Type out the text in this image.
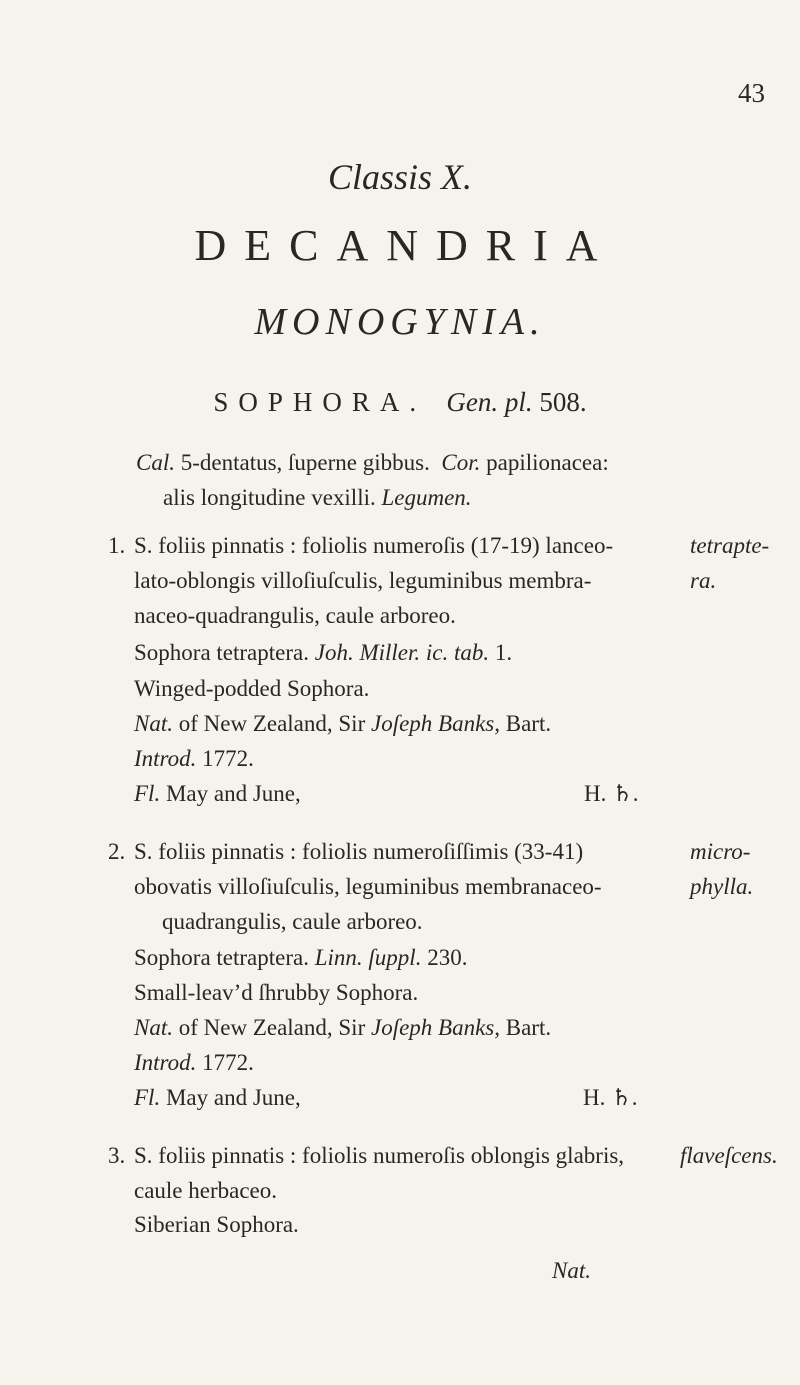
43
Classis X.
DECANDRIA
MONOGYNIA.
SOPHORA. Gen. pl. 508.
Cal. 5-dentatus, ſuperne gibbus. Cor. papilionacea:
alis longitudine vexilli. Legumen.
1. S. foliis pinnatis : foliolis numeroſis (17-19) lanceo-
lato-oblongis villoſiuſculis, leguminibus membra-
naceo-quadrangulis, caule arboreo.
Sophora tetraptera. Joh. Miller. ic. tab. 1.
Winged-podded Sophora.
Nat. of New Zealand, Sir Joſeph Banks, Bart.
Introd. 1772.
Fl. May and June,	H. ♄.
tetrapte-
ra.
2. S. foliis pinnatis : foliolis numeroſiſſimis (33-41)
obovatis villoſiuſculis, leguminibus membranaceo-
quadrangulis, caule arboreo.
Sophora tetraptera. Linn. ſuppl. 230.
Small-leav’d ſhrubby Sophora.
Nat. of New Zealand, Sir Joſeph Banks, Bart.
Introd. 1772.
Fl. May and June,	H. ♄.
micro-
phylla.
3. S. foliis pinnatis : foliolis numeroſis oblongis glabris,
caule herbaceo.
Siberian Sophora.
flaveſcens.
Nat.
